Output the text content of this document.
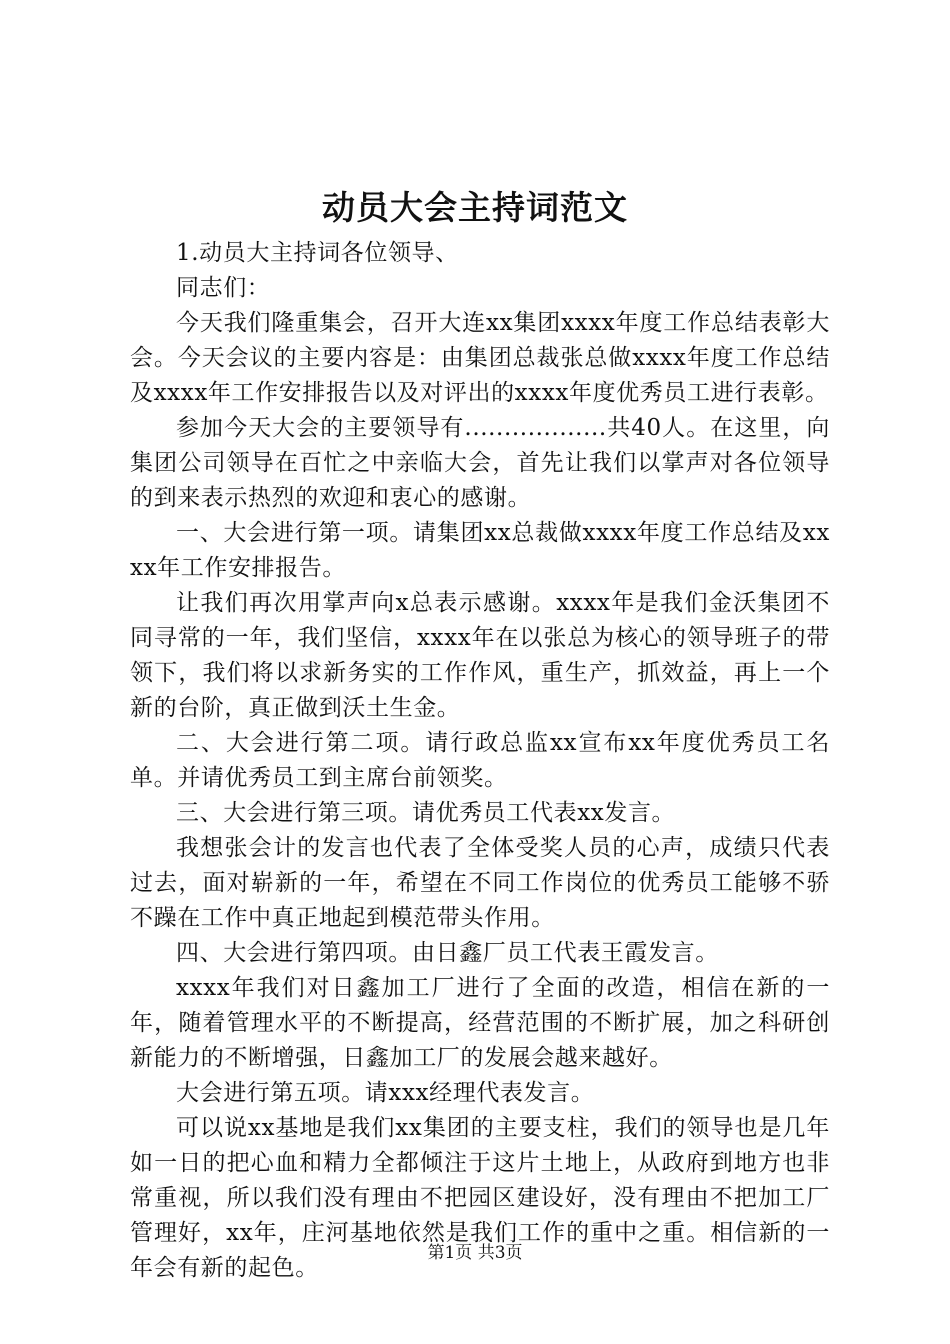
动员大会主持词范文

1.动员大主持词各位领导、

同志们：

今天我们隆重集会，召开大连xx集团xxxx年度工作总结表彰大会。今天会议的主要内容是：由集团总裁张总做xxxx年度工作总结及xxxx年工作安排报告以及对评出的xxxx年度优秀员工进行表彰。

参加今天大会的主要领导有..................共40人。在这里，向集团公司领导在百忙之中亲临大会，首先让我们以掌声对各位领导的到来表示热烈的欢迎和衷心的感谢。

一、大会进行第一项。请集团xx总裁做xxxx年度工作总结及xxxx年工作安排报告。

让我们再次用掌声向x总表示感谢。xxxx年是我们金沃集团不同寻常的一年，我们坚信，xxxx年在以张总为核心的领导班子的带领下，我们将以求新务实的工作作风，重生产，抓效益，再上一个新的台阶，真正做到沃土生金。

二、大会进行第二项。请行政总监xx宣布xx年度优秀员工名单。并请优秀员工到主席台前领奖。

三、大会进行第三项。请优秀员工代表xx发言。

我想张会计的发言也代表了全体受奖人员的心声，成绩只代表过去，面对崭新的一年，希望在不同工作岗位的优秀员工能够不骄不躁在工作中真正地起到模范带头作用。

四、大会进行第四项。由日鑫厂员工代表王霞发言。

xxxx年我们对日鑫加工厂进行了全面的改造，相信在新的一年，随着管理水平的不断提高，经营范围的不断扩展，加之科研创新能力的不断增强，日鑫加工厂的发展会越来越好。

大会进行第五项。请xxx经理代表发言。

可以说xx基地是我们xx集团的主要支柱，我们的领导也是几年如一日的把心血和精力全都倾注于这片土地上，从政府到地方也非常重视，所以我们没有理由不把园区建设好，没有理由不把加工厂管理好，xx年，庄河基地依然是我们工作的重中之重。相信新的一年会有新的起色。

第1页 共3页
